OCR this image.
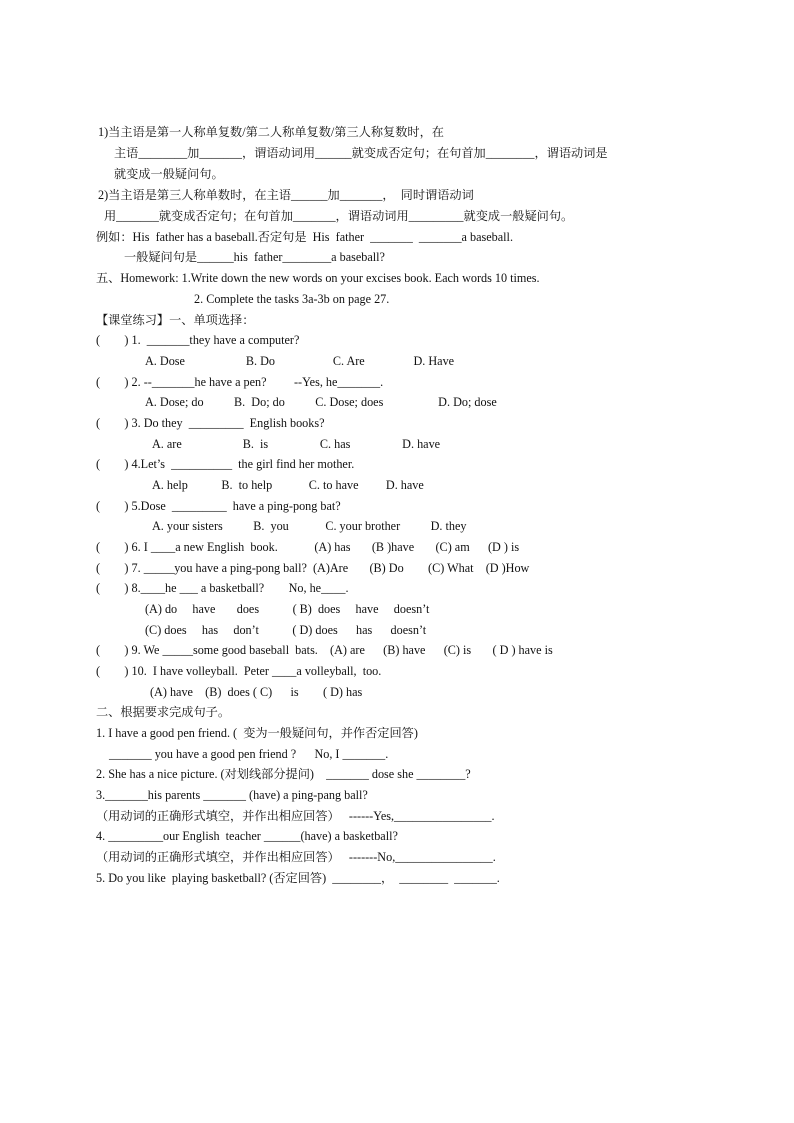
1)当主语是第一人称单复数/第二人称单复数/第三人称复数时，在
主语________加_______，谓语动词用______就变成否定句；在句首加________，谓语动词是
就变成一般疑问句。
2)当主语是第三人称单数时，在主语______加_______，  同时谓语动词
用_______就变成否定句；在句首加_______，谓语动词用_________就变成一般疑问句。
例如：His  father has a baseball.否定句是  His  father  _______  _______a baseball.
一般疑问句是______his  father________a baseball?
五、Homework: 1.Write down the new words on your excises book. Each words 10 times.
2. Complete the tasks 3a-3b on page 27.
【课堂练习】一、单项选择：
(        ) 1.  _______they have a computer?
A. Dose                    B. Do                   C. Are                D. Have
(        ) 2. --_______he have a pen?         --Yes, he_______.
A. Dose; do          B.  Do; do          C. Dose; does                  D. Do; dose
(        ) 3. Do they  _________  English books?
A. are                    B.  is                 C. has                 D. have
(        ) 4.Let’s  __________  the girl find her mother.
A. help           B.  to help            C. to have         D. have
(        ) 5.Dose  _________  have a ping-pong bat?
A. your sisters          B.  you            C. your brother          D. they
(        ) 6. I ____a new English  book.            (A) has       (B )have       (C) am      (D ) is
(        ) 7. _____you have a ping-pong ball?  (A)Are       (B) Do        (C) What    (D )How
(        ) 8.____he ___ a basketball?        No, he____.
(A) do     have       does           ( B)  does     have     doesn’t
(C) does     has     don’t           ( D) does      has      doesn’t
(        ) 9. We _____some good baseball  bats.    (A) are      (B) have      (C) is       ( D ) have is
(        ) 10.  I have volleyball.  Peter ____a volleyball,  too.
(A) have    (B)  does ( C)      is        ( D) has
二、根据要求完成句子。
1. I have a good pen friend. (  变为一般疑问句，并作否定回答)
_______ you have a good pen friend ?      No, I _______.
2. She has a nice picture. (对划线部分提问)    _______ dose she ________?
3._______his parents _______ (have) a ping-pang ball?
（用动词的正确形式填空，并作出相应回答）   ------Yes,________________.
4. _________our English  teacher ______(have) a basketball?
（用动词的正确形式填空，并作出相应回答）   -------No,________________.
5. Do you like  playing basketball? (否定回答)  ________，  ________  _______.
